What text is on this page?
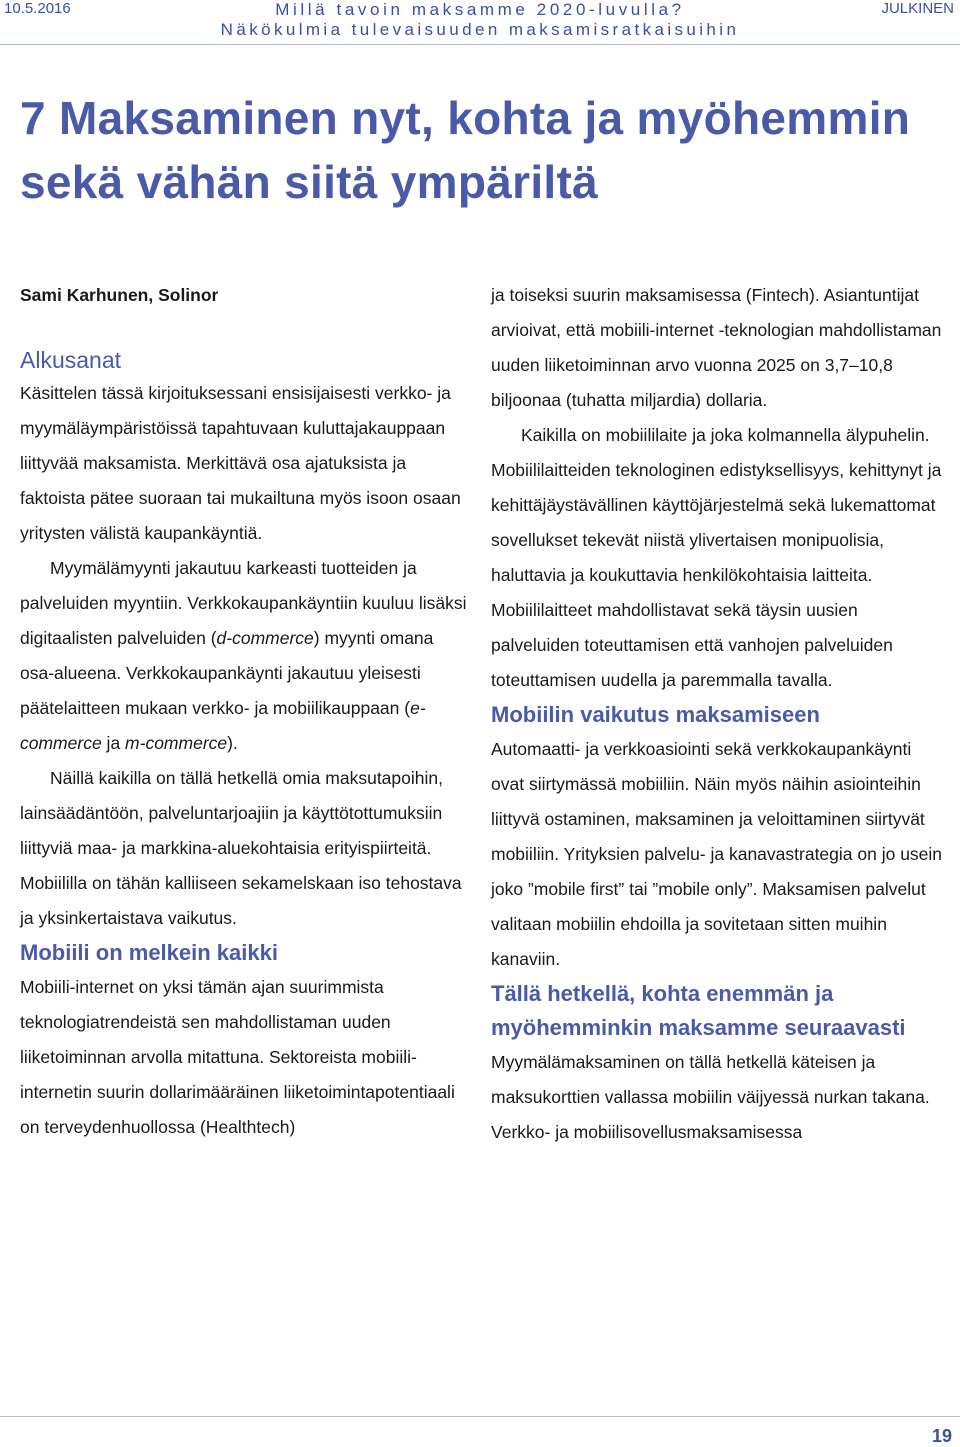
10.5.2016	Millä tavoin maksamme 2020-luvulla?
Näkökulmia tulevaisuuden maksamisratkaisuihin
JULKINEN
7 Maksaminen nyt, kohta ja myöhemmin sekä vähän siitä ympäriltä

Sami Karhunen, Solinor

Alkusanat

Käsittelen tässä kirjoituksessani ensisijaisesti verkko- ja myymäläympäristöissä tapahtuvaan kuluttajakauppaan liittyvää maksamista. Merkittävä osa ajatuksista ja faktoista pätee suoraan tai mukailtuna myös isoon osaan yritysten välistä kaupankäyntiä.

Myymälämyynti jakautuu karkeasti tuotteiden ja palveluiden myyntiin. Verkkokaupankäyntiin kuuluu lisäksi digitaalisten palveluiden (d-commerce) myynti omana osa-alueena. Verkkokaupankäynti jakautuu yleisesti päätelaitteen mukaan verkko- ja mobiilikauppaan (e-commerce ja m-commerce).

Näillä kaikilla on tällä hetkellä omia maksutapoihin, lainsäädäntöön, palveluntarjoajiin ja käyttötottumuksiin liittyviä maa- ja markkina-aluekohtaisia erityispiirteitä. Mobiililla on tähän kalliiseen sekamelskaan iso tehostava ja yksinkertaistava vaikutus.

Mobiili on melkein kaikki

Mobiili-internet on yksi tämän ajan suurimmista teknologiatrendeistä sen mahdollistaman uuden liiketoiminnan arvolla mitattuna. Sektoreista mobiili-internetin suurin dollarimääräinen liiketoimintapotentiaali on terveydenhuollossa (Healthtech)

ja toiseksi suurin maksamisessa (Fintech). Asiantuntijat arvioivat, että mobiili-internet -teknologian mahdollistaman uuden liiketoiminnan arvo vuonna 2025 on 3,7–10,8 biljoonaa (tuhatta miljardia) dollaria.

Kaikilla on mobiililaite ja joka kolmannella älypuhelin. Mobiililaitteiden teknologinen edistyksellisyys, kehittynyt ja kehittäjäystävällinen käyttöjärjestelmä sekä lukemattomat sovellukset tekevät niistä ylivertaisen monipuolisia, haluttavia ja koukuttavia henkilökohtaisia laitteita. Mobiililaitteet mahdollistavat sekä täysin uusien palveluiden toteuttamisen että vanhojen palveluiden toteuttamisen uudella ja paremmalla tavalla.

Mobiilin vaikutus maksamiseen

Automaatti- ja verkkoasiointi sekä verkkokaupankäynti ovat siirtymässä mobiiliin. Näin myös näihin asiointeihin liittyvä ostaminen, maksaminen ja veloittaminen siirtyvät mobiiliin. Yrityksien palvelu- ja kanavastrategia on jo usein joko ”mobile first” tai ”mobile only”. Maksamisen palvelut valitaan mobiilin ehdoilla ja sovitetaan sitten muihin kanaviin.

Tällä hetkellä, kohta enemmän ja myöhemminkin maksamme seuraavasti

Myymälämaksaminen on tällä hetkellä käteisen ja maksukorttien vallassa mobiilin väijyessä nurkan takana. Verkko- ja mobiilisovellusmaksamisessa

19
